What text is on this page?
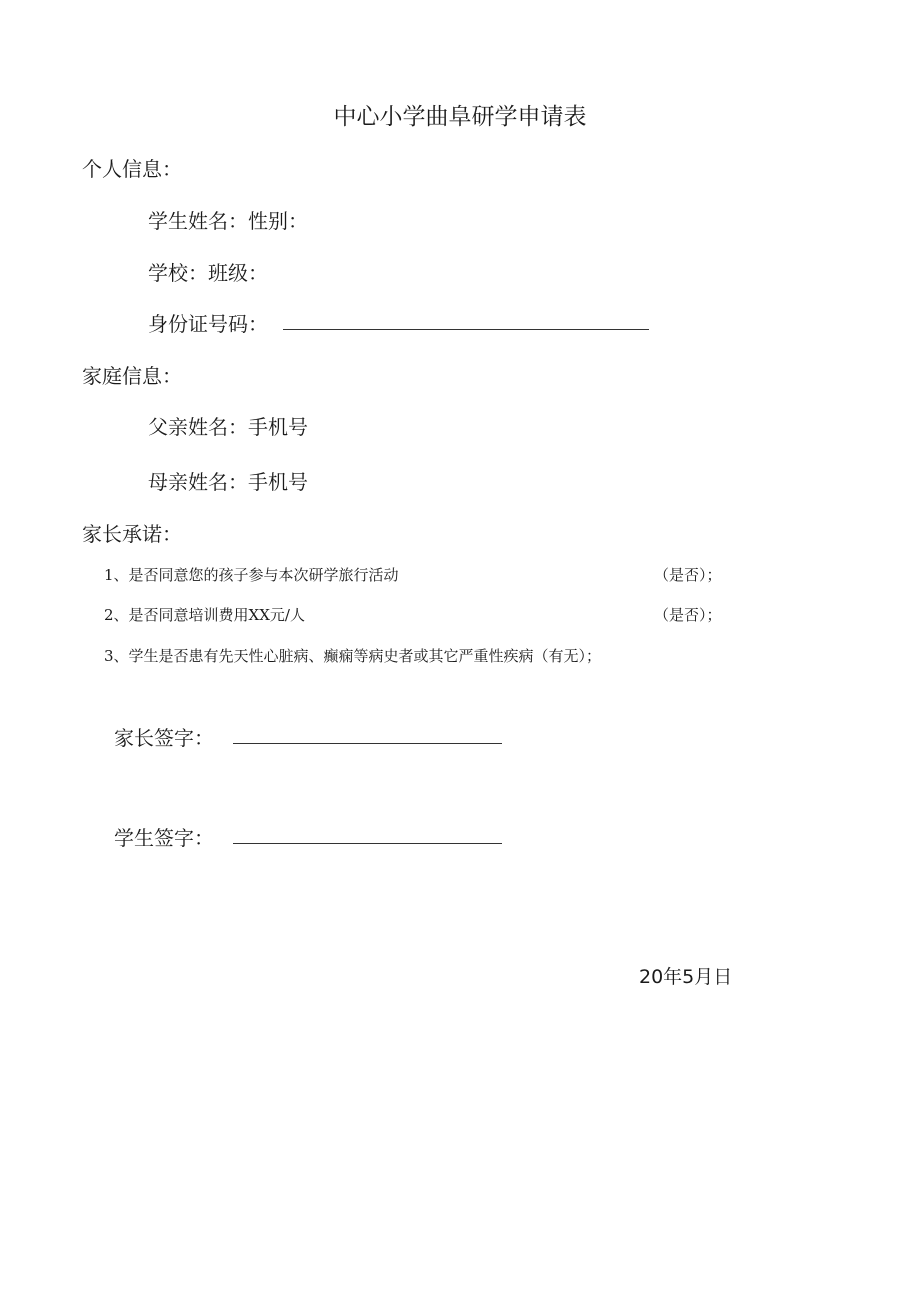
中心小学曲阜研学申请表
个人信息：
学生姓名：性别：
学校：班级：
身份证号码：
家庭信息：
父亲姓名：手机号
母亲姓名：手机号
家长承诺：
1、是否同意您的孩子参与本次研学旅行活动	（是否）；
2、是否同意培训费用XX元/人	（是否）；
3、学生是否患有先天性心脏病、癫痫等病史者或其它严重性疾病（有无）；
家长签字：
学生签字：
20年5月日
